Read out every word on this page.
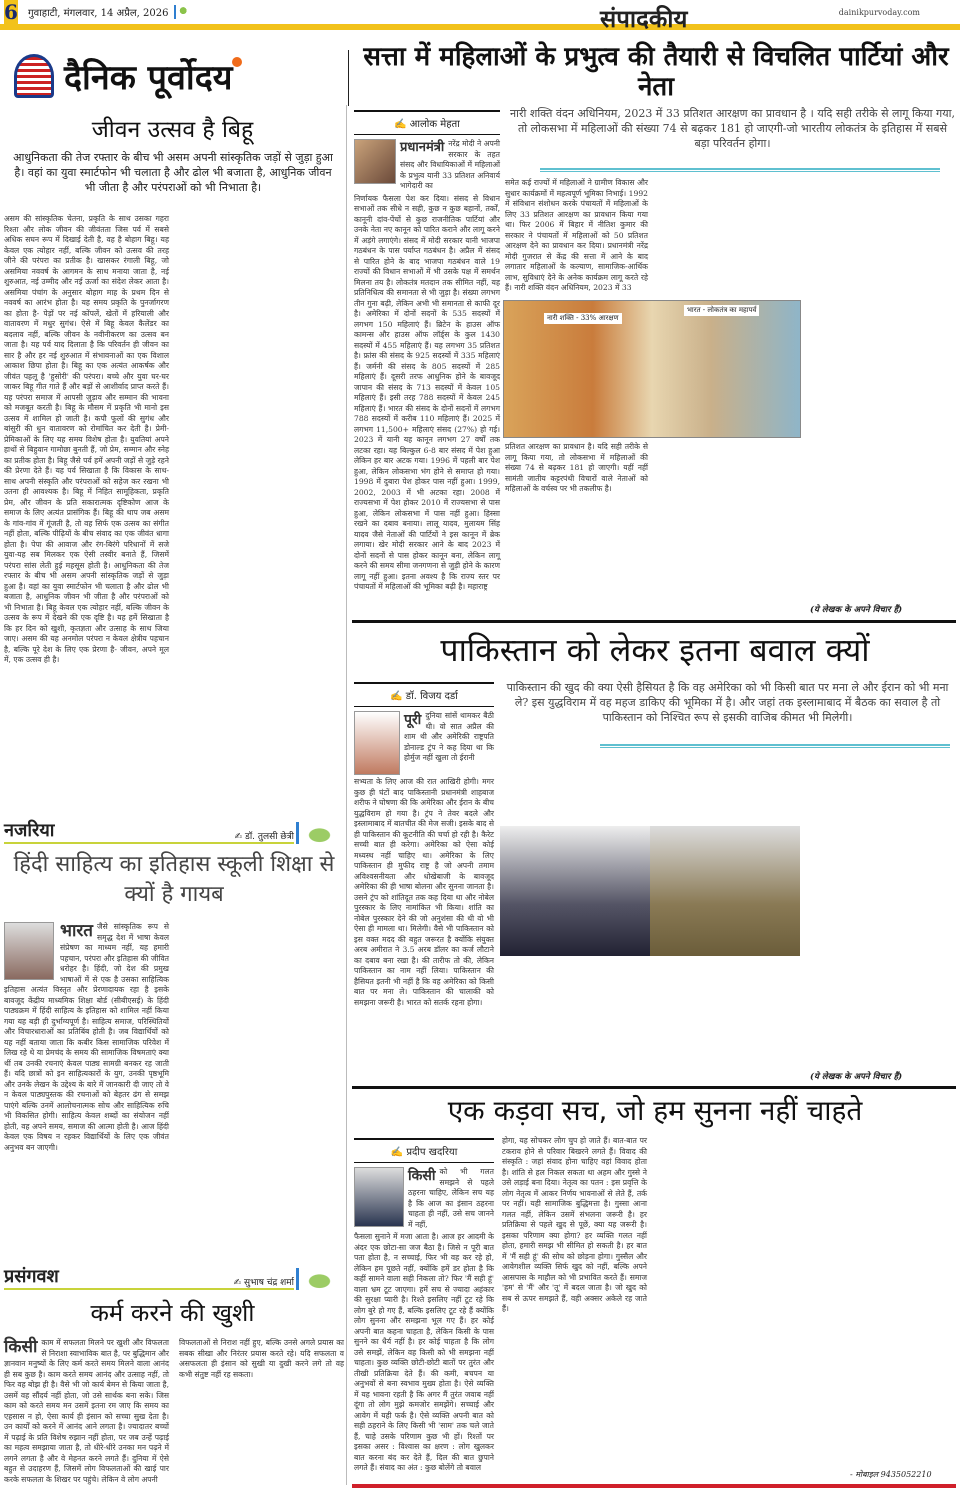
6 गुवाहाटी, मंगलवार, 14 अप्रैल, 2026	संपादकीय	dainikpurvoday.com
दैनिक पूर्वोदय
सत्ता में महिलाओं के प्रभुत्व की तैयारी से विचलित पार्टियां और नेता
जीवन उत्सव है बिहू
आधुनिकता की तेज रफ्तार के बीच भी असम अपनी सांस्कृतिक जड़ों से जुड़ा हुआ है। वहां का युवा स्मार्टफोन भी चलाता है और ढोल भी बजाता है, आधुनिक जीवन भी जीता है और परंपराओं को भी निभाता है।
असम की सांस्कृतिक चेतना, प्रकृति के साथ उसका गहरा रिश्ता और लोक जीवन की जीवंतता जिस पर्व में सबसे अधिक सघन रूप में दिखाई देती है, वह है बोहाग बिहू। यह केवल एक त्योहार नहीं, बल्कि जीवन को उत्सव की तरह जीने की परंपरा का प्रतीक है। खासकर रंगाली बिहू, जो असमिया नववर्ष के आगमन के साथ मनाया जाता है, नई शुरुआत, नई उम्मीद और नई ऊर्जा का संदेश लेकर आता है। असमिया पंचांग के अनुसार बोहाग माह के प्रथम दिन से नववर्ष का आरंभ होता है। यह समय प्रकृति के पुनर्जागरण का होता है- पेड़ों पर नई कोंपलें, खेतों में हरियाली और वातावरण में मधुर सुगंध। ऐसे में बिहू केवल कैलेंडर का बदलाव नहीं, बल्कि जीवन के नवीनीकरण का उत्सव बन जाता है। यह पर्व याद दिलाता है कि परिवर्तन ही जीवन का सार है और हर नई शुरुआत में संभावनाओं का एक विशाल आकाश छिपा होता है। बिहू का एक अत्यंत आकर्षक और जीवंत पहलू है 'हुसोरी' की परंपरा। बच्चे और युवा घर-घर जाकर बिहू गीत गाते हैं और बड़ों से आशीर्वाद प्राप्त करते हैं। यह परंपरा समाज में आपसी जुड़ाव और सम्मान की भावना को मजबूत करती है। बिहू के मौसम में प्रकृति भी मानो इस उत्सव में शामिल हो जाती है। कपौ फूलों की सुगंध और बांसुरी की धुन वातावरण को रोमांचित कर देती है। प्रेमी-प्रेमिकाओं के लिए यह समय विशेष होता है। युवतियां अपने हाथों से बिहुवान गामोछा बुनती हैं, जो प्रेम, सम्मान और स्नेह का प्रतीक होता है। बिहू जैसे पर्व हमें अपनी जड़ों से जुड़े रहने की प्रेरणा देते हैं। यह पर्व सिखाता है कि विकास के साथ-साथ अपनी संस्कृति और परंपराओं को सहेज कर रखना भी उतना ही आवश्यक है। बिहू में निहित सामूहिकता, प्रकृति प्रेम, और जीवन के प्रति सकारात्मक दृष्टिकोण आज के समाज के लिए अत्यंत प्रासंगिक हैं। बिहू की थाप जब असम के गांव-गांव में गूंजती है, तो वह सिर्फ एक उत्सव का संगीत नहीं होता, बल्कि पीढ़ियों के बीच संवाद का एक जीवंत धागा होता है। पेपा की आवाज और रंग-बिरंगे परिधानों में सजे युवा-यह सब मिलकर एक ऐसी तस्वीर बनाते हैं, जिसमें परंपरा सांस लेती हुई महसूस होती है। आधुनिकता की तेज रफ्तार के बीच भी असम अपनी सांस्कृतिक जड़ों से जुड़ा हुआ है। वहां का युवा स्मार्टफोन भी चलाता है और ढोल भी बजाता है, आधुनिक जीवन भी जीता है और परंपराओं को भी निभाता है। बिहू केवल एक त्योहार नहीं, बल्कि जीवन के उत्सव के रूप में देखने की एक दृष्टि है। यह हमें सिखाता है कि हर दिन को खुशी, कृतज्ञता और उत्साह के साथ जिया जाए। असम की यह अनमोल परंपरा न केवल क्षेत्रीय पहचान है, बल्कि पूरे देश के लिए एक प्रेरणा है- जीवन, अपने मूल में, एक उत्सव ही है।
नजरिया	✍ डॉ. तुलसी छेत्री
हिंदी साहित्य का इतिहास स्कूली शिक्षा से क्यों है गायब
भारत जैसे सांस्कृतिक रूप से समृद्ध देश में भाषा केवल संप्रेषण का माध्यम नहीं, यह हमारी पहचान, परंपरा और इतिहास की जीवित धरोहर है। हिंदी, जो देश की प्रमुख भाषाओं में से एक है उसका साहित्यिक इतिहास अत्यंत विस्तृत और प्रेरणादायक रहा है इसके बावजूद केंद्रीय माध्यमिक शिक्षा बोर्ड (सीबीएसई) के हिंदी पाठ्यक्रम में हिंदी साहित्य के इतिहास को शामिल नहीं किया गया यह बड़ी ही दुर्भाग्यपूर्ण है। साहित्य समाज, परिस्थितियों और विचारधाराओं का प्रतिबिंब होती है। जब विद्यार्थियों को यह नहीं बताया जाता कि कबीर किस सामाजिक परिवेश में लिख रहे थे या प्रेमचंद के समय की सामाजिक विषमताएं क्या थीं तब उनकी रचनाएं केवल पाठ्य सामग्री बनकर रह जाती हैं। यदि छात्रों को इन साहित्यकारों के युग, उनकी पृष्ठभूमि और उनके लेखन के उद्देश्य के बारे में जानकारी दी जाए तो वे न केवल पाठ्यपुस्तक की रचनाओं को बेहतर ढंग से समझ पाएंगे बल्कि उनमें आलोचनात्मक सोच और साहित्यिक रुचि भी विकसित होगी। साहित्य केवल शब्दों का संयोजन नहीं होती, वह अपने समय, समाज की आत्मा होती है। आज हिंदी केवल एक विषय न रहकर विद्यार्थियों के लिए एक जीवंत अनुभव बन जाएगी।
प्रसंगवश	✍ सुभाष चंद्र शर्मा
कर्म करने की खुशी
किसी काम में सफलता मिलने पर खुशी और विफलता से निराशा स्वाभाविक बात है, पर बुद्धिमान और ज्ञानवान मनुष्यों के लिए कर्म करते समय मिलने वाला आनंद ही सब कुछ है। काम करते समय आनंद और उत्साह नहीं, तो फिर वह बोझ ही है। वैसे भी जो कार्य बेमन से किया जाता है, उसमें वह सौंदर्य नहीं होता, जो उसे सार्थक बना सके। जिस काम को करते समय मन उसमें इतना रम जाए कि समय का एहसास न हो, ऐसा कार्य ही इंसान को सच्चा सुख देता है। उन कार्यों को करने में आनंद आने लगता है। ज्यादातर बच्चों में पढ़ाई के प्रति विशेष रुझान नहीं होता, पर जब उन्हें पढ़ाई का महत्व समझाया जाता है, तो धीरे-धीरे उनका मन पढ़ने में लगने लगता है और वे मेहनत करने लगते हैं। दुनिया में ऐसे बहुत से उदाहरण हैं, जिसमें लोग विफलताओं की खाई पार करके सफलता के शिखर पर पहुंचे। लेकिन वे लोग अपनी
विफलताओं से निराश नहीं हुए, बल्कि उनसे अगले प्रयास का सबक सीखा और निरंतर प्रयास करते रहे। यदि सफलता व असफलता ही इंसान को सुखी या दुखी करने लगे तो वह कभी संतुष्ट नहीं रह सकता।
नारी शक्ति वंदन अधिनियम, 2023 में 33 प्रतिशत आरक्षण का प्रावधान है । यदि सही तरीके से लागू किया गया, तो लोकसभा में महिलाओं की संख्या 74 से बढ़कर 181 हो जाएगी-जो भारतीय लोकतंत्र के इतिहास में सबसे बड़ा परिवर्तन होगा।
✍ आलोक मेहता
प्रधानमंत्री नरेंद्र मोदी ने अपनी सरकार के तहत संसद और विधायिकाओं में महिलाओं के प्रभुत्व यानी 33 प्रतिशत अनिवार्य भागेदारी का
निर्णायक फैसला पेश कर दिया। संसद से विधान सभाओं तक सीधे न सही, कुछ न कुछ बहानों, तर्कों, कानूनी दांव-पेंचों से कुछ राजनीतिक पार्टियां और उनके नेता नए कानून को पारित कराने और लागू करने में अड़ंगे लगाएंगे। संसद में मोदी सरकार यानी भाजपा गठबंधन के पास पर्याप्त गठबंधन है। अप्रैल में संसद से पारित होने के बाद भाजपा गठबंधन वाले 19 राज्यों की विधान सभाओं में भी उसके पक्ष में समर्थन मिलना तय है। लोकतंत्र मतदान तक सीमित नहीं, यह प्रतिनिधित्व की समानता से भी जुड़ा है। संख्या लगभग तीन गुना बढ़ी, लेकिन अभी भी समानता से काफी दूर है। अमेरिका में दोनों सदनों के 535 सदस्यों में लगभग 150 महिलाएं हैं। ब्रिटेन के हाउस ऑफ कामन्स और हाउस ऑफ लॉर्ड्स के कुल 1430 सदस्यों में 455 महिलाएं हैं। यह लगभग 35 प्रतिशत है। फ्रांस की संसद के 925 सदस्यों में 335 महिलाएं हैं। जर्मनी की संसद के 805 सदस्यों में 285 महिलाएं हैं। दूसरी तरफ आधुनिक होने के बावजूद जापान की संसद के 713 सदस्यों में केवल 105 महिलाएं हैं। इसी तरह 788 सदस्यों में केवल 245 महिलाएं हैं। भारत की संसद के दोनों सदनों में लगभग 788 सदस्यों में करीब 110 महिलाएं हैं। 2025 में लगभग 11,500+ महिलाएं संसद (27%) हो गई। 2023 में यानी यह कानून लगभग 27 वर्षों तक लटका रहा। यह बिल्कुल 6-8 बार संसद में पेश हुआ लेकिन हर बार अटक गया। 1996 में पहली बार पेश हुआ, लेकिन लोकसभा भंग होने से समाप्त हो गया। 1998 में दुबारा पेश होकर पास नहीं हुआ। 1999, 2002, 2003 में भी अटका रहा। 2008 में राज्यसभा में पेश होकर 2010 में राज्यसभा से पास हुआ, लेकिन लोकसभा में पास नहीं हुआ। हिस्सा रखने का दबाव बनाया। लालू यादव, मुलायम सिंह यादव जैसे नेताओं की पार्टियों ने इस कानून में ब्रेक लगाया। खेर मोदी सरकार आने के बाद 2023 में दोनों सदनों से पास होकर कानून बना, लेकिन लागू करने की समय सीमा जनगणना से जुड़ी होने के कारण लागू नहीं हुआ। इतना अवश्य है कि राज्य स्तर पर पंचायतों में महिलाओं की भूमिका बढ़ी है। महाराष्ट्र
समेत कई राज्यों में महिलाओं ने ग्रामीण विकास और सुधार कार्यक्रमों में महत्वपूर्ण भूमिका निभाई। 1992 में संविधान संशोधन करके पंचायतों में महिलाओं के लिए 33 प्रतिशत आरक्षण का प्रावधान किया गया था। फिर 2006 में बिहार में नीतिश कुमार की सरकार ने पंचायतों में महिलाओं को 50 प्रतिशत आरक्षण देने का प्रावधान कर दिया। प्रधानमंत्री नरेंद्र मोदी गुजरात से केंद्र की सत्ता में आने के बाद लगातार महिलाओं के कल्याण, सामाजिक-आर्थिक लाभ, सुविधाएं देने के अनेक कार्यक्रम लागू करते रहे हैं। नारी शक्ति वंदन अधिनियम, 2023 में 33
प्रतिशत आरक्षण का प्रावधान है। यदि सही तरीके से लागू किया गया, तो लोकसभा में महिलाओं की संख्या 74 से बढ़कर 181 हो जाएगी। यहीं नहीं सामंती जातीय कट्टरपंथी विचारों वाले नेताओं को महिलाओं के वर्चस्व पर भी तकलीफ है।
नारी शक्ति - 33% आरक्षण
भारत - लोकतंत्र का महापर्व
(ये लेखक के अपने विचार हैं)
पाकिस्तान को लेकर इतना बवाल क्यों
पाकिस्तान की खुद की क्या ऐसी हैसियत है कि वह अमेरिका को भी किसी बात पर मना ले और ईरान को भी मना ले? इस युद्धविराम में वह महज डाकिए की भूमिका में है। और जहां तक इस्लामाबाद में बैठक का सवाल है तो पाकिस्तान को निश्चित रूप से इसकी वाजिब कीमत भी मिलेगी।
✍ डॉ. विजय दर्डा
पूरी दुनिया सांसें थामकर बैठी थी। वो सात अप्रैल की शाम थी और अमेरिकी राष्ट्रपति डोनाल्ड ट्रंप ने कह दिया था कि होर्मुज नहीं खुला तो ईरानी
सभ्यता के लिए आज की रात आखिरी होगी। मगर कुछ ही घंटों बाद पाकिस्तानी प्रधानमंत्री शाहबाज शरीफ ने घोषणा की कि अमेरिका और ईरान के बीच युद्धविराम हो गया है। ट्रंप ने तेवर बदले और इस्लामाबाद में बातचीत की मेज सजी। इसके बाद से ही पाकिस्तान की कूटनीति की चर्चा हो रही है। कैरेट सच्ची बात ही करेगा। अमेरिका को ऐसा कोई मध्यस्थ नहीं चाहिए था। अमेरिका के लिए पाकिस्तान ही मुफीद राष्ट्र है जो अपनी तमाम अविश्वसनीयता और धोखेबाजी के बावजूद अमेरिका की ही भाषा बोलना और सुनना जानता है। उसने ट्रंप को शांतिदूत तक कह दिया था और नोबेल पुरस्कार के लिए नामांकित भी किया। शांति का नोबेल पुरस्कार देने की जो अनुशंसा की थी वो भी ऐसा ही मामला था। मिलेगी। वैसे भी पाकिस्तान को इस वक्त मदद की बहुत जरूरत है क्योंकि संयुक्त अरब अमीरात ने 3.5 अरब डॉलर का कर्ज लौटाने का दबाव बना रखा है। की तारीफ तो की, लेकिन पाकिस्तान का नाम नहीं लिया। पाकिस्तान की हैसियत इतनी भी नहीं है कि वह अमेरिका को किसी बात पर मना ले। पाकिस्तान की चालाकी को समझना जरूरी है। भारत को सतर्क रहना होगा।
(ये लेखक के अपने विचार हैं)
एक कड़वा सच, जो हम सुनना नहीं चाहते
✍ प्रदीप खदरिया
किसी को भी गलत समझने से पहले ठहरना चाहिए, लेकिन सच यह है कि आज का इंसान ठहरना चाहता ही नहीं, उसे सच जानने में नहीं,
फैसला सुनाने में मजा आता है। आज हर आदमी के अंदर एक छोटा-सा जज बैठा है। जिसे न पूरी बात पता होता है, न सच्चाई, फिर भी वह कर रहे हो, लेकिन हम पूछते नहीं, क्योंकि हमें डर होता है कि कहीं सामने वाला सही निकला तो? फिर 'मैं सही हूं' वाला भ्रम टूट जाएगा। हमें सच से ज्यादा अहंकार की सुरक्षा प्यारी है। रिश्ते इसलिए नहीं टूट रहे कि लोग बुरे हो गए हैं, बल्कि इसलिए टूट रहे हैं क्योंकि लोग सुनना और समझना भूल गए हैं। हर कोई अपनी बात कहना चाहता है, लेकिन किसी के पास सुनने का धैर्य नहीं है। हर कोई चाहता है कि लोग उसे समझें, लेकिन वह किसी को भी समझना नहीं चाहता। कुछ व्यक्ति छोटी-छोटी बातों पर तुरंत और तीखी प्रतिक्रिया देते हैं। की कमी, बचपन या अनुभवों से बना स्वभाव मुख्य होता है। ऐसे व्यक्ति में यह भावना रहती है कि अगर मैं तुरंत जवाब नहीं दूंगा तो लोग मुझे कमजोर समझेंगे। सच्चाई और आवेग में यही फर्क है। ऐसे व्यक्ति अपनी बात को सही ठहराने के लिए किसी भी 'साम' तक चले जाते हैं, चाहे उसके परिणाम कुछ भी हों। रिश्तों पर इसका असर : विश्वास का क्षरण : लोग खुलकर बात करना बंद कर देते हैं, दिल की बात छुपाने लगते हैं। संवाद का अंत : कुछ बोलेंगे तो बवाल
होगा, यह सोचकर लोग चुप हो जाते हैं। बात-बात पर टकराव होने से परिवार बिखरने लगते हैं। विवाद की संस्कृति : जहां संवाद होना चाहिए वहां विवाद होता है। शांति से हल निकल सकता था अहम और गुस्से ने उसे लड़ाई बना दिया। नेतृत्व का पतन : इस प्रवृत्ति के लोग नेतृत्व में आकर निर्णय भावनाओं से लेते हैं, तर्क पर नहीं। यही सामाजिक बुद्धिमत्ता है। गुस्सा आना गलत नहीं, लेकिन उसमें संभलना जरूरी है। हर प्रतिक्रिया से पहले खुद से पूछें, क्या यह जरूरी है। इसका परिणाम क्या होगा? हर व्यक्ति गलत नहीं होता, हमारी समझ भी सीमित हो सकती है। हर बात में 'मैं सही हूं' की सोच को छोड़ना होगा। गुस्सैल और आवेगशील व्यक्ति सिर्फ खुद को नहीं, बल्कि अपने आसपास के माहौल को भी प्रभावित करते हैं। समाज 'हम' से 'मैं' और 'तू' में बदल जाता है। जो खुद को सब से ऊपर समझते हैं, वही अक्सर अकेले रह जाते हैं।
- मोबाइल 9435052210
